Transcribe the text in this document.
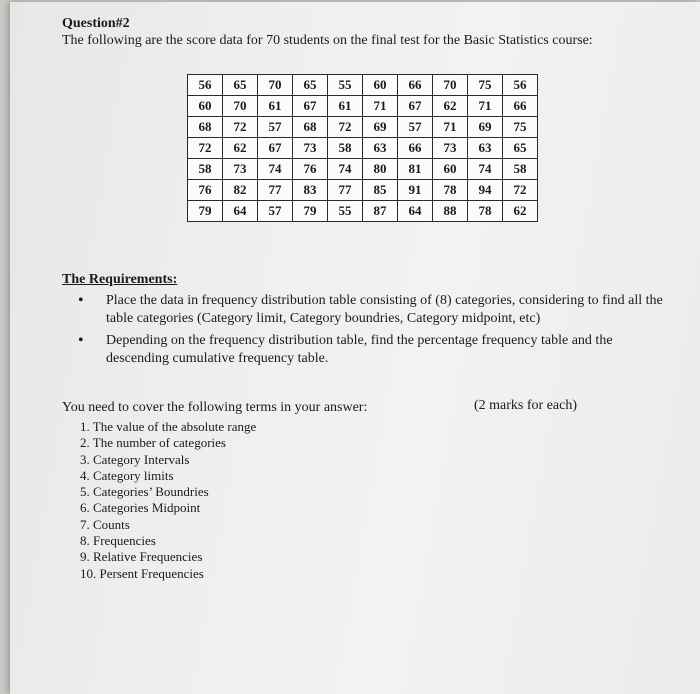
Question#2
The following are the score data for 70 students on the final test for the Basic Statistics course:
56	65	70	65	55	60	66	70	75	56
60	70	61	67	61	71	67	62	71	66
68	72	57	68	72	69	57	71	69	75
72	62	67	73	58	63	66	73	63	65
58	73	74	76	74	80	81	60	74	58
76	82	77	83	77	85	91	78	94	72
79	64	57	79	55	87	64	88	78	62
The Requirements:
• Place the data in frequency distribution table consisting of (8) categories, considering to find all the table categories (Category limit, Category boundries, Category midpoint, etc)
• Depending on the frequency distribution table, find the percentage frequency table and the descending cumulative frequency table.
You need to cover the following terms in your answer:	(2 marks for each)
1. The value of the absolute range
2. The number of categories
3. Category Intervals
4. Category limits
5. Categories’ Boundries
6. Categories Midpoint
7. Counts
8. Frequencies
9. Relative Frequencies
10. Persent Frequencies
